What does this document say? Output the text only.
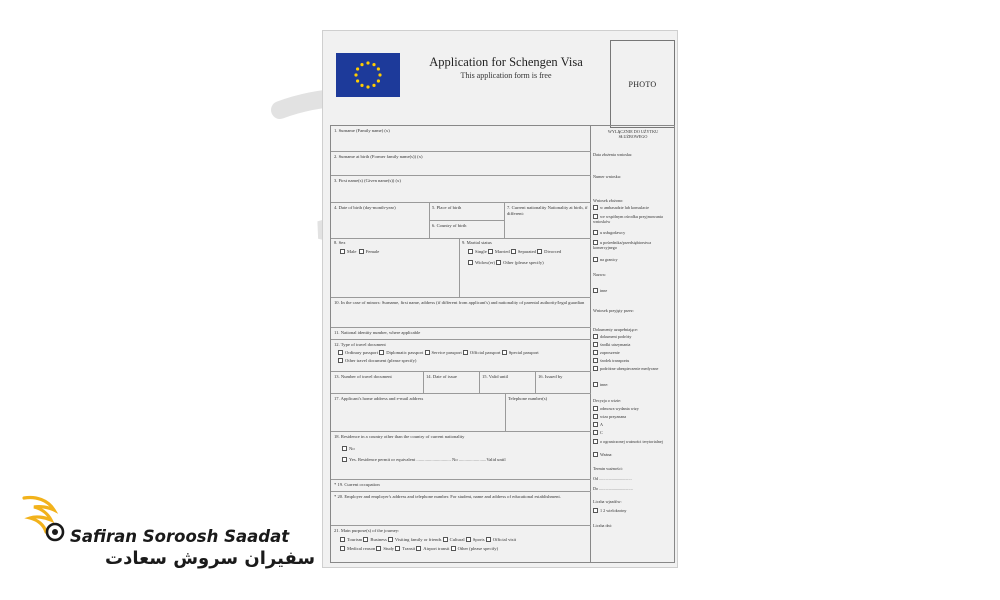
Application for Schengen Visa
This application form is free
PHOTO
1. Surname (Family name) (x)
2. Surname at birth (Former family name(s)) (x)
3. First name(s) (Given name(s)) (x)
4. Date of birth (day-month-year)	5. Place of birth
6. Country of birth
7. Current nationality Nationality at birth, if different:
8. Sex
Male Female
9. Marital status
Single Married Separated Divorced
Widow(er) Other (please specify)
10. In the case of minors: Surname, first name, address (if different from applicant's) and nationality of parental authority/legal guardian
11. National identity number, where applicable
12. Type of travel document
Ordinary passport Diplomatic passport Service passport Official passport Special passport
Other travel document (please specify)
13. Number of travel document	14. Date of issue	15. Valid until	16. Issued by
17. Applicant's home address and e-mail address	Telephone number(s)
18. Residence in a country other than the country of current nationality
No
Yes. Residence permit or equivalent .............................. No ........................Valid until
* 19. Current occupation
* 20. Employer and employer's address and telephone number. For student, name and address of educational establishment.
21. Main purpose(s) of the journey:
Tourism Business Visiting family or friends Cultural Sports Official visit
Medical reason Study Transit Airport transit Other (please specify)
WYLĄCZNIE DO UŻYTKU SŁUŻBOWEGO
Data złożenia wniosku:
Numer wniosku:
Wniosek złożono:
w ambasadzie lub konsulacie
we wspólnym ośrodku przyjmowania wniosków
u usługodawcy
u pośrednika/przedsiębiorstwa komercyjnego
na granicy
Nazwa:
inne
Wniosek przyjęty przez:
Dokumenty uzupełniające:
dokument podróży
środki utrzymania
zaproszenie
środek transportu
podróżne ubezpieczenie medyczne
inne:
Decyzja o wizie:
odmowa wydania wizy
wiza przyznana
A
C
o ograniczonej ważności terytorialnej
Ważna:
Termin ważności:
Od ...............................
Do ................................
Liczba wjazdów:
1 2 wielokrotny
Liczba dni:
Safiran Soroosh Saadat
سفیران سروش سعادت
